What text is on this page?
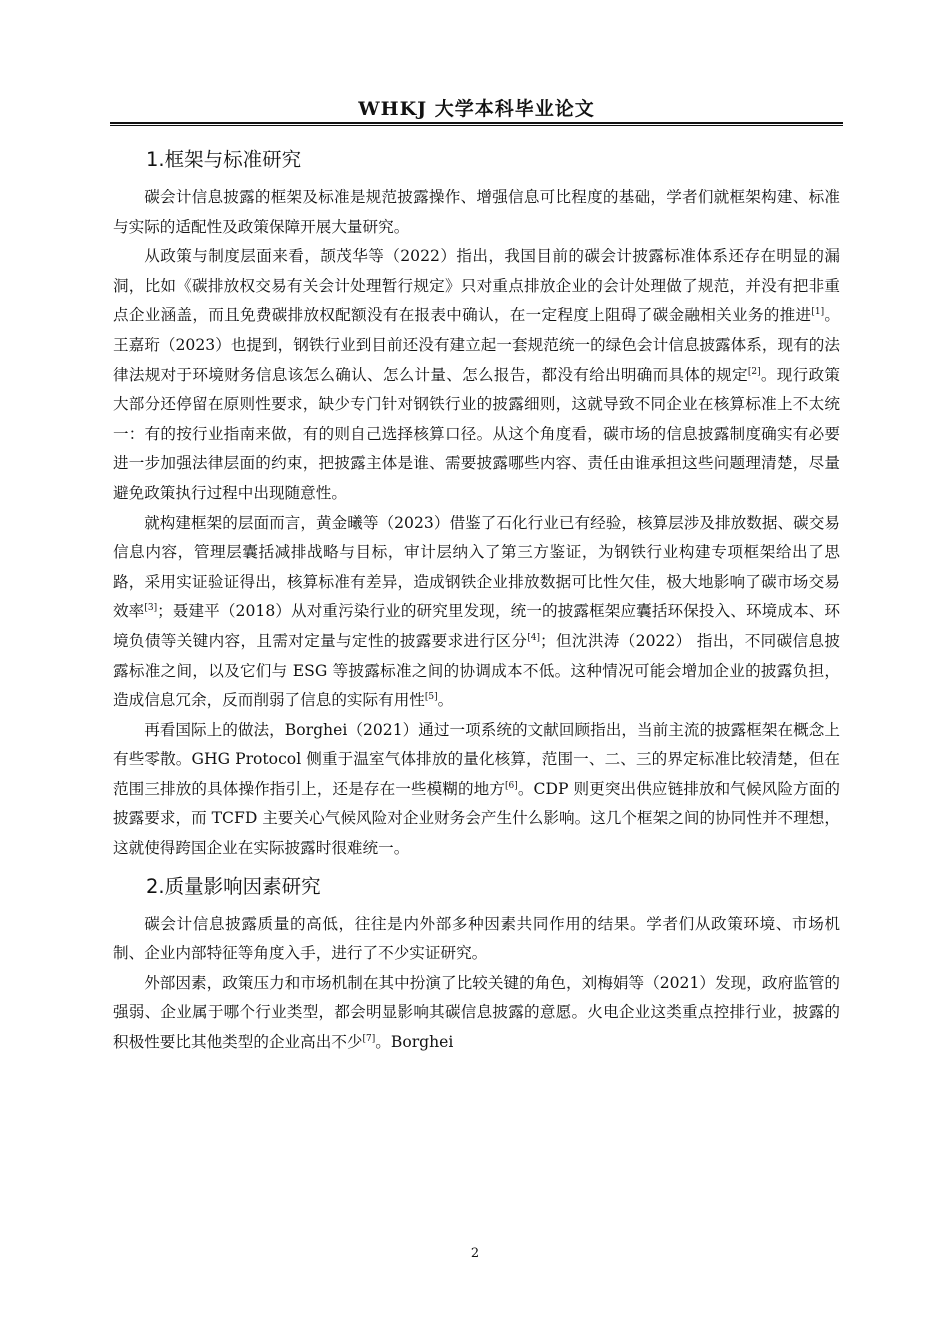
WHKJ 大学本科毕业论文
1.框架与标准研究

碳会计信息披露的框架及标准是规范披露操作、增强信息可比程度的基础，学者们就框架构建、标准与实际的适配性及政策保障开展大量研究。

从政策与制度层面来看，颉茂华等（2022）指出，我国目前的碳会计披露标准体系还存在明显的漏洞，比如《碳排放权交易有关会计处理暂行规定》只对重点排放企业的会计处理做了规范，并没有把非重点企业涵盖，而且免费碳排放权配额没有在报表中确认，在一定程度上阻碍了碳金融相关业务的推进[1]。王嘉珩（2023）也提到，钢铁行业到目前还没有建立起一套规范统一的绿色会计信息披露体系，现有的法律法规对于环境财务信息该怎么确认、怎么计量、怎么报告，都没有给出明确而具体的规定[2]。现行政策大部分还停留在原则性要求，缺少专门针对钢铁行业的披露细则，这就导致不同企业在核算标准上不太统一：有的按行业指南来做，有的则自己选择核算口径。从这个角度看，碳市场的信息披露制度确实有必要进一步加强法律层面的约束，把披露主体是谁、需要披露哪些内容、责任由谁承担这些问题理清楚，尽量避免政策执行过程中出现随意性。

就构建框架的层面而言，黄金曦等（2023）借鉴了石化行业已有经验，核算层涉及排放数据、碳交易信息内容，管理层囊括减排战略与目标，审计层纳入了第三方鉴证，为钢铁行业构建专项框架给出了思路，采用实证验证得出，核算标准有差异，造成钢铁企业排放数据可比性欠佳，极大地影响了碳市场交易效率[3]；聂建平（2018）从对重污染行业的研究里发现，统一的披露框架应囊括环保投入、环境成本、环境负债等关键内容，且需对定量与定性的披露要求进行区分[4]；但沈洪涛（2022） 指出，不同碳信息披露标准之间，以及它们与 ESG 等披露标准之间的协调成本不低。这种情况可能会增加企业的披露负担，造成信息冗余，反而削弱了信息的实际有用性[5]。

再看国际上的做法，Borghei（2021）通过一项系统的文献回顾指出，当前主流的披露框架在概念上有些零散。GHG Protocol 侧重于温室气体排放的量化核算，范围一、二、三的界定标准比较清楚，但在范围三排放的具体操作指引上，还是存在一些模糊的地方[6]。CDP 则更突出供应链排放和气候风险方面的披露要求，而 TCFD 主要关心气候风险对企业财务会产生什么影响。这几个框架之间的协同性并不理想，这就使得跨国企业在实际披露时很难统一。

2.质量影响因素研究

碳会计信息披露质量的高低，往往是内外部多种因素共同作用的结果。学者们从政策环境、市场机制、企业内部特征等角度入手，进行了不少实证研究。

外部因素，政策压力和市场机制在其中扮演了比较关键的角色，刘梅娟等（2021）发现，政府监管的强弱、企业属于哪个行业类型，都会明显影响其碳信息披露的意愿。火电企业这类重点控排行业，披露的积极性要比其他类型的企业高出不少[7]。Borghei

2
